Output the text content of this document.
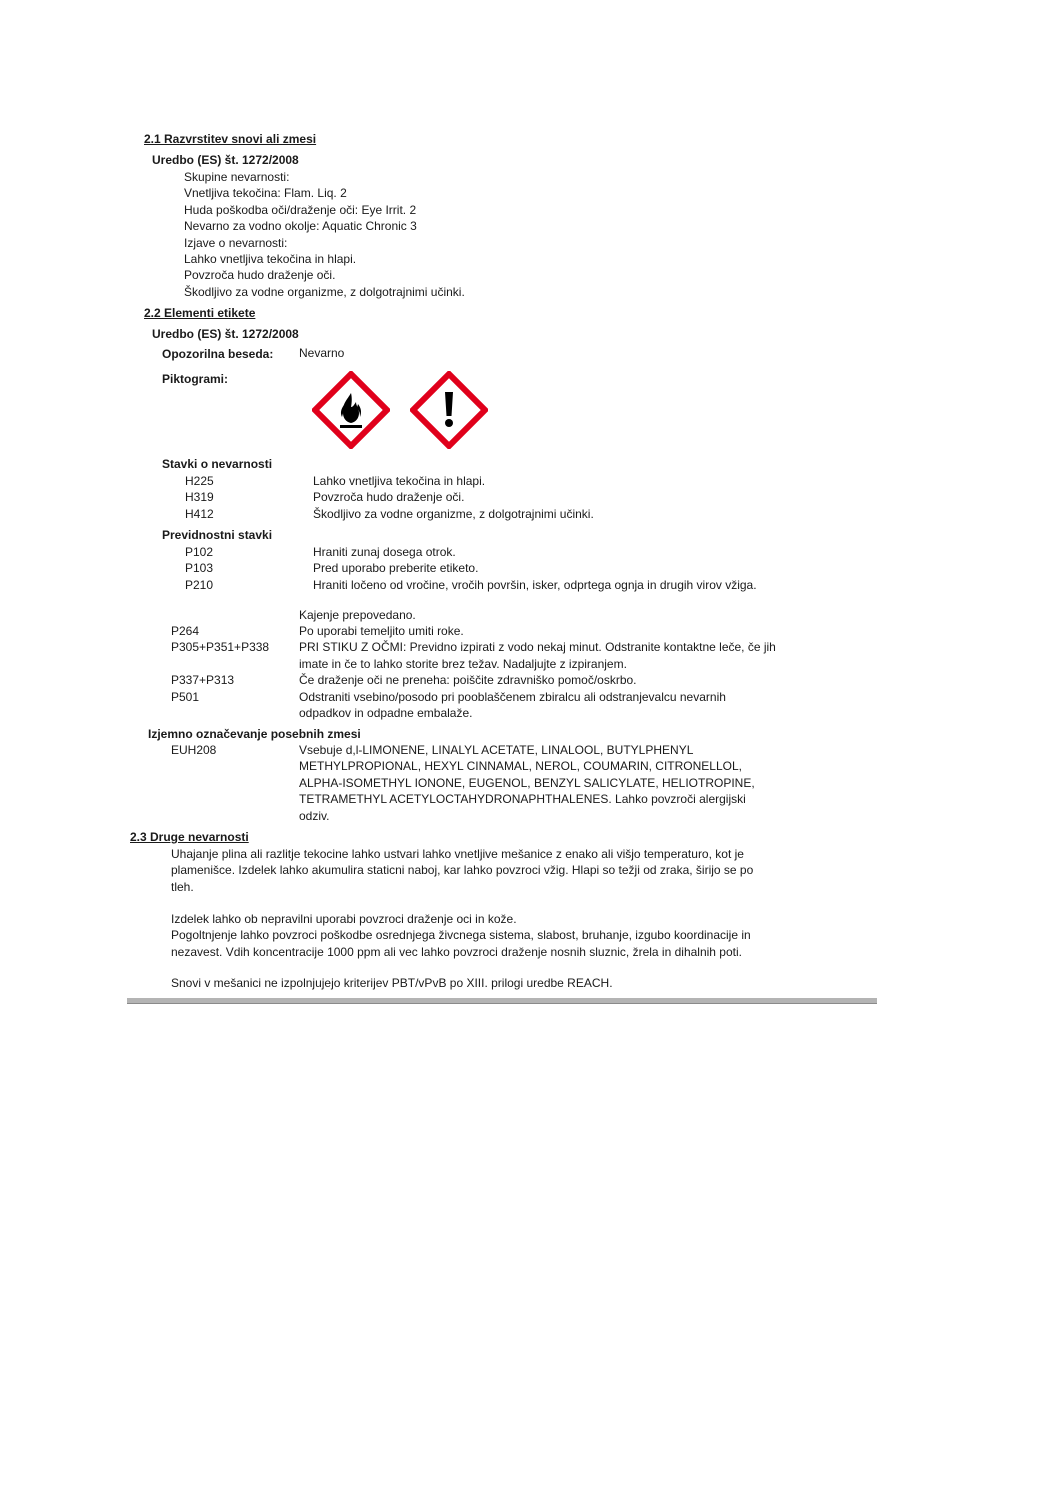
2.1 Razvrstitev snovi ali zmesi
Uredbo (ES) št. 1272/2008
Skupine nevarnosti:
Vnetljiva tekočina: Flam. Liq. 2
Huda poškodba oči/draženje oči: Eye Irrit. 2
Nevarno za vodno okolje: Aquatic Chronic 3
Izjave o nevarnosti:
Lahko vnetljiva tekočina in hlapi.
Povzroča hudo draženje oči.
Škodljivo za vodne organizme, z dolgotrajnimi učinki.
2.2 Elementi etikete
Uredbo (ES) št. 1272/2008
Opozorilna beseda: Nevarno
Piktogrami:
Stavki o nevarnosti
H225	Lahko vnetljiva tekočina in hlapi.
H319	Povzroča hudo draženje oči.
H412	Škodljivo za vodne organizme, z dolgotrajnimi učinki.
Previdnostni stavki
P102	Hraniti zunaj dosega otrok.
P103	Pred uporabo preberite etiketo.
P210	Hraniti ločeno od vročine, vročih površin, isker, odprtega ognja in drugih virov vžiga.
Kajenje prepovedano.
P264	Po uporabi temeljito umiti roke.
P305+P351+P338	PRI STIKU Z OČMI: Previdno izpirati z vodo nekaj minut. Odstranite kontaktne leče, če jih
imate in če to lahko storite brez težav. Nadaljujte z izpiranjem.

P337+P313	Če draženje oči ne preneha: poiščite zdravniško pomoč/oskrbo.
P501	Odstraniti vsebino/posodo pri pooblaščenem zbiralcu ali odstranjevalcu nevarnih
odpadkov in odpadne embalaže.
Izjemno označevanje posebnih zmesi
EUH208	Vsebuje d,l-LIMONENE, LINALYL ACETATE, LINALOOL, BUTYLPHENYL
METHYLPROPIONAL, HEXYL CINNAMAL, NEROL, COUMARIN, CITRONELLOL,
ALPHA-ISOMETHYL IONONE, EUGENOL, BENZYL SALICYLATE, HELIOTROPINE,
TETRAMETHYL ACETYLOCTAHYDRONAPHTHALENES. Lahko povzroči alergijski
odziv.
2.3 Druge nevarnosti
Uhajanje plina ali razlitje tekocine lahko ustvari lahko vnetljive mešanice z enako ali višjo temperaturo, kot je
plamenišce. Izdelek lahko akumulira staticni naboj, kar lahko povzroci vžig. Hlapi so težji od zraka, širijo se po
tleh.
Izdelek lahko ob nepravilni uporabi povzroci draženje oci in kože.
Pogoltnjenje lahko povzroci poškodbe osrednjega živcnega sistema, slabost, bruhanje, izgubo koordinacije in
nezavest. Vdih koncentracije 1000 ppm ali vec lahko povzroci draženje nosnih sluznic, žrela in dihalnih poti.
Snovi v mešanici ne izpolnjujejo kriterijev PBT/vPvB po XIII. prilogi uredbe REACH.
